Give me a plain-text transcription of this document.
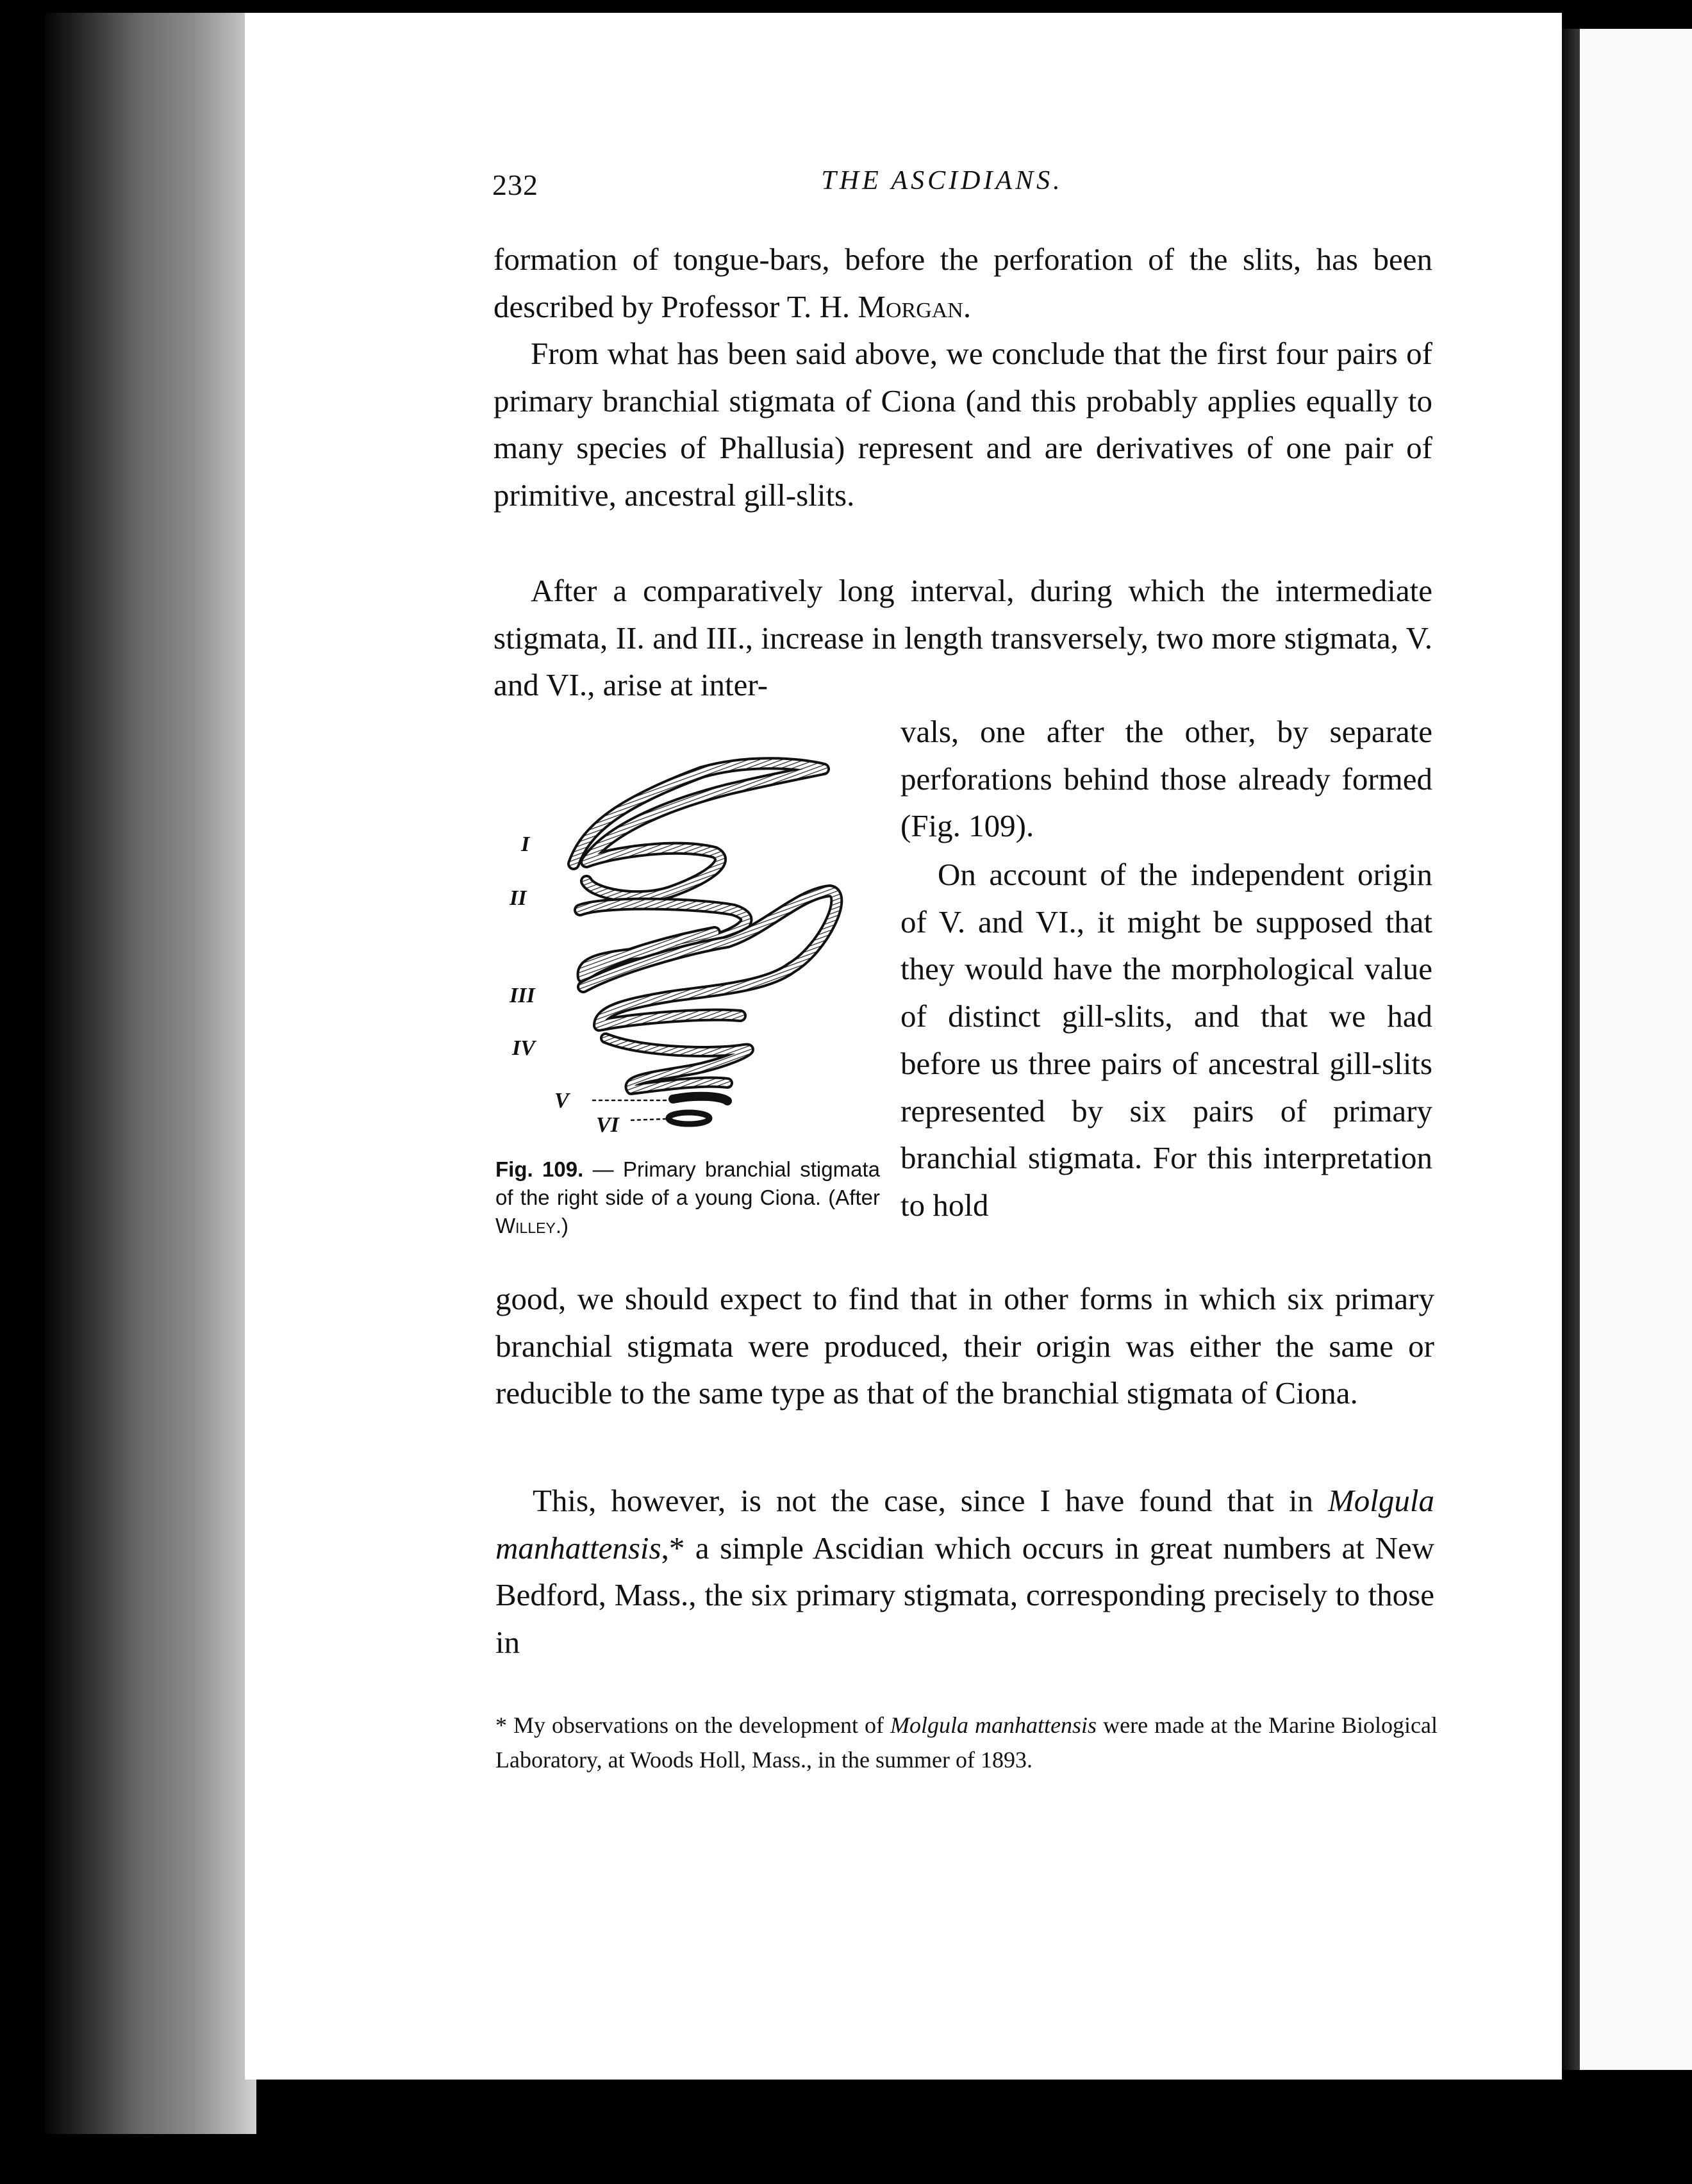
232	THE ASCIDIANS.

formation of tongue-bars, before the perforation of the slits, has been described by Professor T. H. Morgan.

From what has been said above, we conclude that the first four pairs of primary branchial stigmata of Ciona (and this probably applies equally to many species of Phallusia) represent and are derivatives of one pair of primitive, ancestral gill-slits.

After a comparatively long interval, during which the intermediate stigmata, II. and III., increase in length transversely, two more stigmata, V. and VI., arise at inter-

vals, one after the other, by separate perforations behind those already formed (Fig. 109).

On account of the independent origin of V. and VI., it might be supposed that they would have the morphological value of distinct gill-slits, and that we had before us three pairs of ancestral gill-slits represented by six pairs of primary branchial stigmata. For this interpretation to hold

good, we should expect to find that in other forms in which six primary branchial stigmata were produced, their origin was either the same or reducible to the same type as that of the branchial stigmata of Ciona.

This, however, is not the case, since I have found that in Molgula manhattensis,* a simple Ascidian which occurs in great numbers at New Bedford, Mass., the six primary stigmata, corresponding precisely to those in

I
II
III
IV
V
VI

Fig. 109. — Primary branchial stigmata of the right side of a young Ciona. (After Willey.)

* My observations on the development of Molgula manhattensis were made at the Marine Biological Laboratory, at Woods Holl, Mass., in the summer of 1893.
